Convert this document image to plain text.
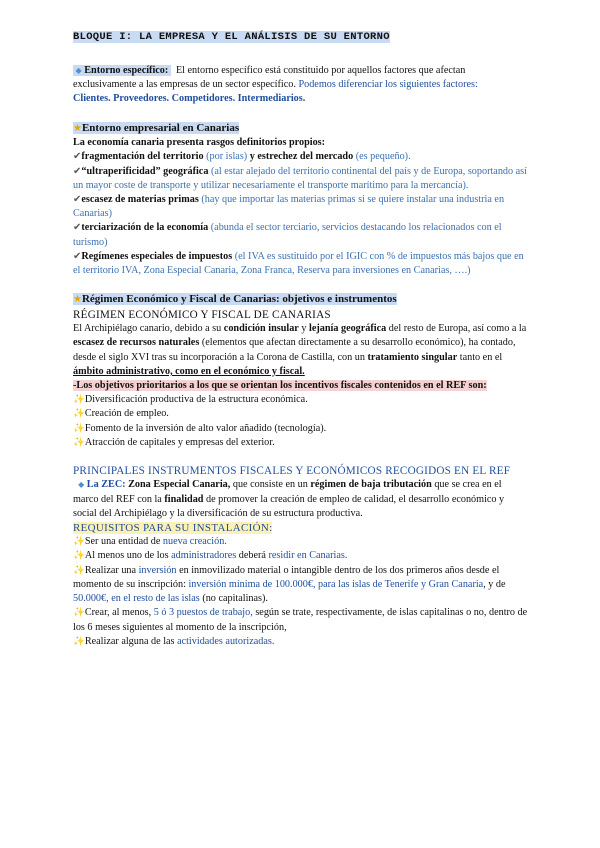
BLOQUE I: LA EMPRESA Y EL ANÁLISIS DE SU ENTORNO

◆ Entorno específico: El entorno específico está constituido por aquellos factores que afectan exclusivamente a las empresas de un sector específico. Podemos diferenciar los siguientes factores:

Clientes. Proveedores. Competidores. Intermediarios.

★Entorno empresarial en Canarias

La economía canaria presenta rasgos definitorios propios:

✔fragmentación del territorio (por islas) y estrechez del mercado (es pequeño).

✔“ultraperificidad” geográfica (al estar alejado del territorio continental del país y de Europa, soportando así un mayor coste de transporte y utilizar necesariamente el transporte marítimo para la mercancía).

✔escasez de materias primas (hay que importar las materias primas si se quiere instalar una industria en Canarias)

✔terciarización de la economía (abunda el sector terciario, servicios destacando los relacionados con el turismo)

✔Regímenes especiales de impuestos (el IVA es sustituido por el IGIC con % de impuestos más bajos que en el territorio IVA, Zona Especial Canaria, Zona Franca, Reserva para inversiones en Canarias, ….)

★Régimen Económico y Fiscal de Canarias: objetivos e instrumentos

RÉGIMEN ECONÓMICO Y FISCAL DE CANARIAS

El Archipiélago canario, debido a su condición insular y lejanía geográfica del resto de Europa, así como a la escasez de recursos naturales (elementos que afectan directamente a su desarrollo económico), ha contado, desde el siglo XVI tras su incorporación a la Corona de Castilla, con un tratamiento singular tanto en el ámbito administrativo, como en el económico y fiscal.

-Los objetivos prioritarios a los que se orientan los incentivos fiscales contenidos en el REF son:

✨Diversificación productiva de la estructura económica.

✨Creación de empleo.

✨Fomento de la inversión de alto valor añadido (tecnología).

✨Atracción de capitales y empresas del exterior.

PRINCIPALES INSTRUMENTOS FISCALES Y ECONÓMICOS RECOGIDOS EN EL REF

◆ La ZEC: Zona Especial Canaria, que consiste en un régimen de baja tributación que se crea en el marco del REF con la finalidad de promover la creación de empleo de calidad, el desarrollo económico y social del Archipiélago y la diversificación de su estructura productiva.

REQUISITOS PARA SU INSTALACIÓN:

✨Ser una entidad de nueva creación.

✨Al menos uno de los administradores deberá residir en Canarias.

✨Realizar una inversión en inmovilizado material o intangible dentro de los dos primeros años desde el momento de su inscripción: inversión mínima de 100.000€, para las islas de Tenerife y Gran Canaria, y de 50.000€, en el resto de las islas (no capitalinas).

✨Crear, al menos, 5 ó 3 puestos de trabajo, según se trate, respectivamente, de islas capitalinas o no, dentro de los 6 meses siguientes al momento de la inscripción,

✨Realizar alguna de las actividades autorizadas.
